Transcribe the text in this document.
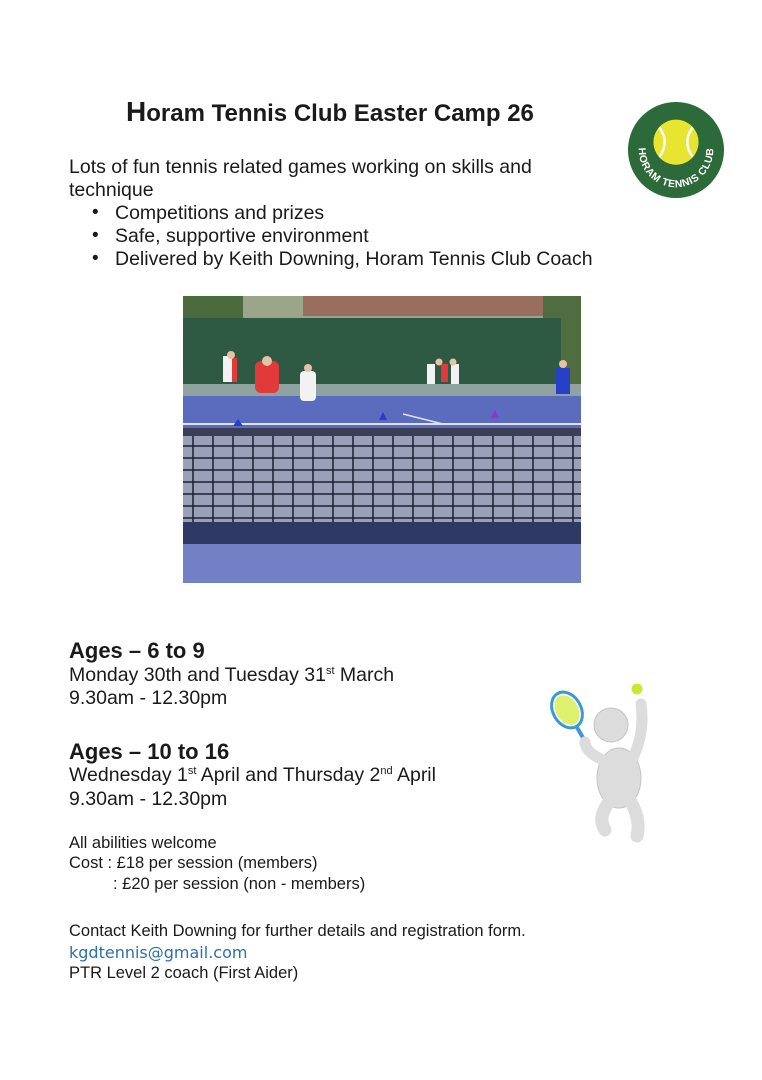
Horam Tennis Club Easter Camp 26
HORAM TENNIS CLUB
Lots of fun tennis related games working on skills and technique
• Competitions and prizes
• Safe, supportive environment
• Delivered by Keith Downing, Horam Tennis Club Coach
Ages – 6 to 9
Monday 30th and Tuesday 31st March
9.30am - 12.30pm
Ages – 10 to 16
Wednesday 1st April and Thursday 2nd April
9.30am - 12.30pm
All abilities welcome
Cost : £18 per session (members)
: £20 per session (non - members)
Contact Keith Downing for further details and registration form.
kgdtennis@gmail.com
PTR Level 2 coach (First Aider)
